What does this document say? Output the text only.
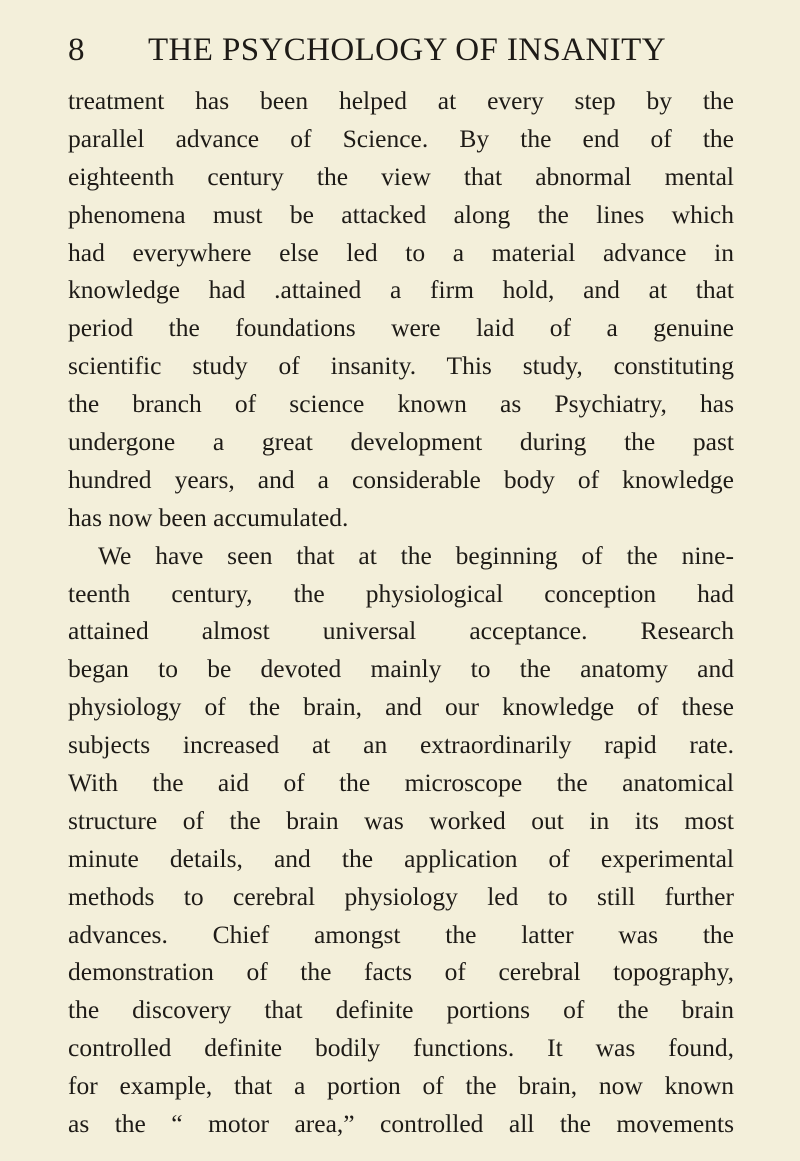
8 THE PSYCHOLOGY OF INSANITY
treatment has been helped at every step by the
parallel advance of Science. By the end of the
eighteenth century the view that abnormal mental
phenomena must be attacked along the lines which
had everywhere else led to a material advance in
knowledge had .attained a firm hold, and at that
period the foundations were laid of a genuine
scientific study of insanity. This study, constituting
the branch of science known as Psychiatry, has
undergone a great development during the past
hundred years, and a considerable body of knowledge
has now been accumulated.
We have seen that at the beginning of the nine-
teenth century, the physiological conception had
attained almost universal acceptance. Research
began to be devoted mainly to the anatomy and
physiology of the brain, and our knowledge of these
subjects increased at an extraordinarily rapid rate.
With the aid of the microscope the anatomical
structure of the brain was worked out in its most
minute details, and the application of experimental
methods to cerebral physiology led to still further
advances. Chief amongst the latter was the
demonstration of the facts of cerebral topography,
the discovery that definite portions of the brain
controlled definite bodily functions. It was found,
for example, that a portion of the brain, now known
as the “ motor area,” controlled all the movements
